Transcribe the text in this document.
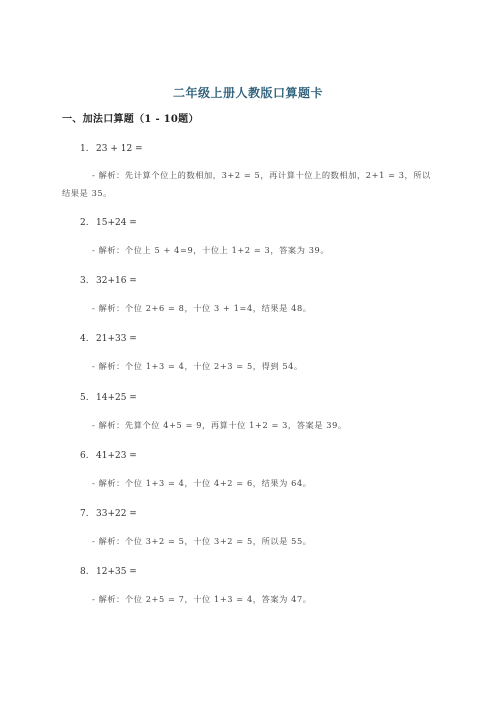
二年级上册人教版口算题卡
一、加法口算题（1 - 10题）
1. 23 + 12 =
- 解析：先计算个位上的数相加，3+2 = 5，再计算十位上的数相加，2+1 = 3，所以结果是 35。
2. 15+24 =
- 解析：个位上 5 + 4=9，十位上 1+2 = 3，答案为 39。
3. 32+16 =
- 解析：个位 2+6 = 8，十位 3 + 1=4，结果是 48。
4. 21+33 =
- 解析：个位 1+3 = 4，十位 2+3 = 5，得到 54。
5. 14+25 =
- 解析：先算个位 4+5 = 9，再算十位 1+2 = 3，答案是 39。
6. 41+23 =
- 解析：个位 1+3 = 4，十位 4+2 = 6，结果为 64。
7. 33+22 =
- 解析：个位 3+2 = 5，十位 3+2 = 5，所以是 55。
8. 12+35 =
- 解析：个位 2+5 = 7，十位 1+3 = 4，答案为 47。
